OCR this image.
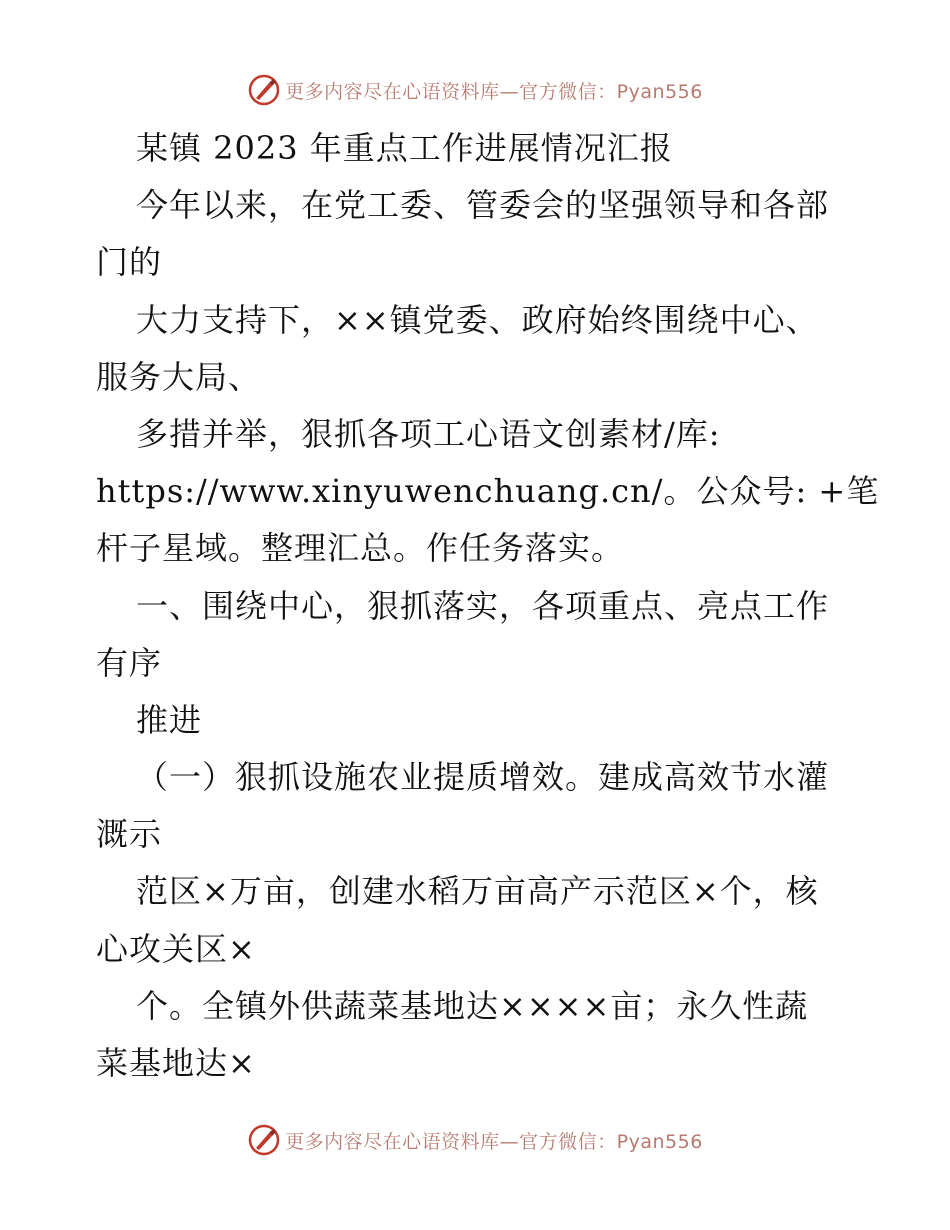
更多内容尽在心语资料库—官方微信：Pyan556
某镇 2023 年重点工作进展情况汇报
今年以来，在党工委、管委会的坚强领导和各部
门的
大力支持下，××镇党委、政府始终围绕中心、
服务大局、
多措并举，狠抓各项工心语文创素材/库:
https://www.xinyuwenchuang.cn/。公众号: +笔
杆子星域。整理汇总。作任务落实。
一、围绕中心，狠抓落实，各项重点、亮点工作
有序
推进
（一）狠抓设施农业提质增效。建成高效节水灌
溉示
范区×万亩，创建水稻万亩高产示范区×个，核
心攻关区×
个。全镇外供蔬菜基地达××××亩；永久性蔬
菜基地达×
更多内容尽在心语资料库—官方微信：Pyan556
